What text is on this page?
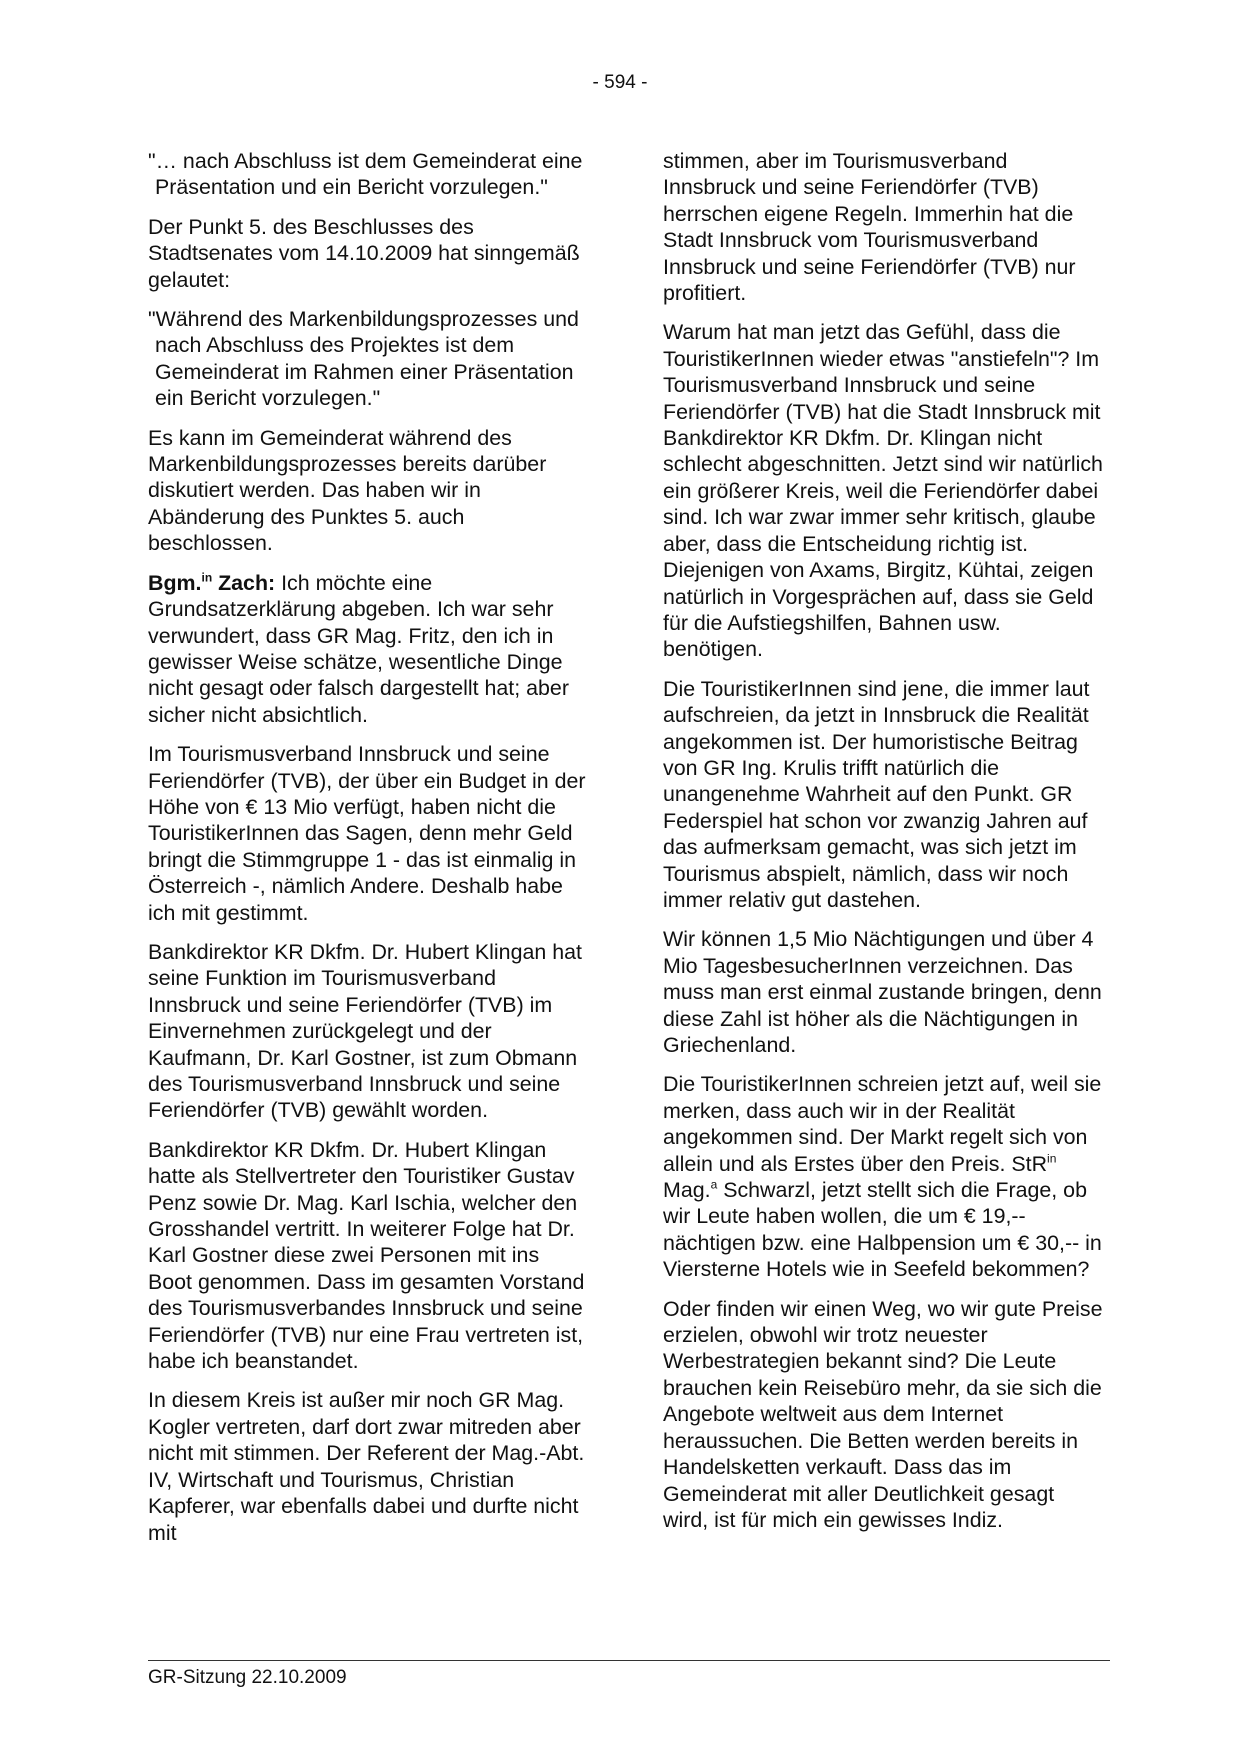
- 594 -

"… nach Abschluss ist dem Gemeinderat eine Präsentation und ein Bericht vorzulegen."

Der Punkt 5. des Beschlusses des Stadtsenates vom 14.10.2009 hat sinngemäß gelautet:

"Während des Markenbildungsprozesses und nach Abschluss des Projektes ist dem Gemeinderat im Rahmen einer Präsentation ein Bericht vorzulegen."

Es kann im Gemeinderat während des Markenbildungsprozesses bereits darüber diskutiert werden. Das haben wir in Abänderung des Punktes 5. auch beschlossen.

Bgm.$^{in}$ Zach: Ich möchte eine Grundsatzerklärung abgeben. Ich war sehr verwundert, dass GR Mag. Fritz, den ich in gewisser Weise schätze, wesentliche Dinge nicht gesagt oder falsch dargestellt hat; aber sicher nicht absichtlich.

Im Tourismusverband Innsbruck und seine Feriendörfer (TVB), der über ein Budget in der Höhe von € 13 Mio verfügt, haben nicht die TouristikerInnen das Sagen, denn mehr Geld bringt die Stimmgruppe 1 - das ist einmalig in Österreich -, nämlich Andere. Deshalb habe ich mit gestimmt.

Bankdirektor KR Dkfm. Dr. Hubert Klingan hat seine Funktion im Tourismusverband Innsbruck und seine Feriendörfer (TVB) im Einvernehmen zurückgelegt und der Kaufmann, Dr. Karl Gostner, ist zum Obmann des Tourismusverband Innsbruck und seine Feriendörfer (TVB) gewählt worden.

Bankdirektor KR Dkfm. Dr. Hubert Klingan hatte als Stellvertreter den Touristiker Gustav Penz sowie Dr. Mag. Karl Ischia, welcher den Grosshandel vertritt. In weiterer Folge hat Dr. Karl Gostner diese zwei Personen mit ins Boot genommen. Dass im gesamten Vorstand des Tourismusverbandes Innsbruck und seine Feriendörfer (TVB) nur eine Frau vertreten ist, habe ich beanstandet.

In diesem Kreis ist außer mir noch GR Mag. Kogler vertreten, darf dort zwar mitreden aber nicht mit stimmen. Der Referent der Mag.-Abt. IV, Wirtschaft und Tourismus, Christian Kapferer, war ebenfalls dabei und durfte nicht mit

stimmen, aber im Tourismusverband Innsbruck und seine Feriendörfer (TVB) herrschen eigene Regeln. Immerhin hat die Stadt Innsbruck vom Tourismusverband Innsbruck und seine Feriendörfer (TVB) nur profitiert.

Warum hat man jetzt das Gefühl, dass die TouristikerInnen wieder etwas "anstiefeln"? Im Tourismusverband Innsbruck und seine Feriendörfer (TVB) hat die Stadt Innsbruck mit Bankdirektor KR Dkfm. Dr. Klingan nicht schlecht abgeschnitten. Jetzt sind wir natürlich ein größerer Kreis, weil die Feriendörfer dabei sind. Ich war zwar immer sehr kritisch, glaube aber, dass die Entscheidung richtig ist. Diejenigen von Axams, Birgitz, Kühtai, zeigen natürlich in Vorgesprächen auf, dass sie Geld für die Aufstiegshilfen, Bahnen usw. benötigen.

Die TouristikerInnen sind jene, die immer laut aufschreien, da jetzt in Innsbruck die Realität angekommen ist. Der humoristische Beitrag von GR Ing. Krulis trifft natürlich die unangenehme Wahrheit auf den Punkt. GR Federspiel hat schon vor zwanzig Jahren auf das aufmerksam gemacht, was sich jetzt im Tourismus abspielt, nämlich, dass wir noch immer relativ gut dastehen.

Wir können 1,5 Mio Nächtigungen und über 4 Mio TagesbesucherInnen verzeichnen. Das muss man erst einmal zustande bringen, denn diese Zahl ist höher als die Nächtigungen in Griechenland.

Die TouristikerInnen schreien jetzt auf, weil sie merken, dass auch wir in der Realität angekommen sind. Der Markt regelt sich von allein und als Erstes über den Preis. StR$^{in}$ Mag.$^a$ Schwarzl, jetzt stellt sich die Frage, ob wir Leute haben wollen, die um € 19,-- nächtigen bzw. eine Halbpension um € 30,-- in Viersterne Hotels wie in Seefeld bekommen?

Oder finden wir einen Weg, wo wir gute Preise erzielen, obwohl wir trotz neuester Werbestrategien bekannt sind? Die Leute brauchen kein Reisebüro mehr, da sie sich die Angebote weltweit aus dem Internet heraussuchen. Die Betten werden bereits in Handelsketten verkauft. Dass das im Gemeinderat mit aller Deutlichkeit gesagt wird, ist für mich ein gewisses Indiz.

GR-Sitzung 22.10.2009
